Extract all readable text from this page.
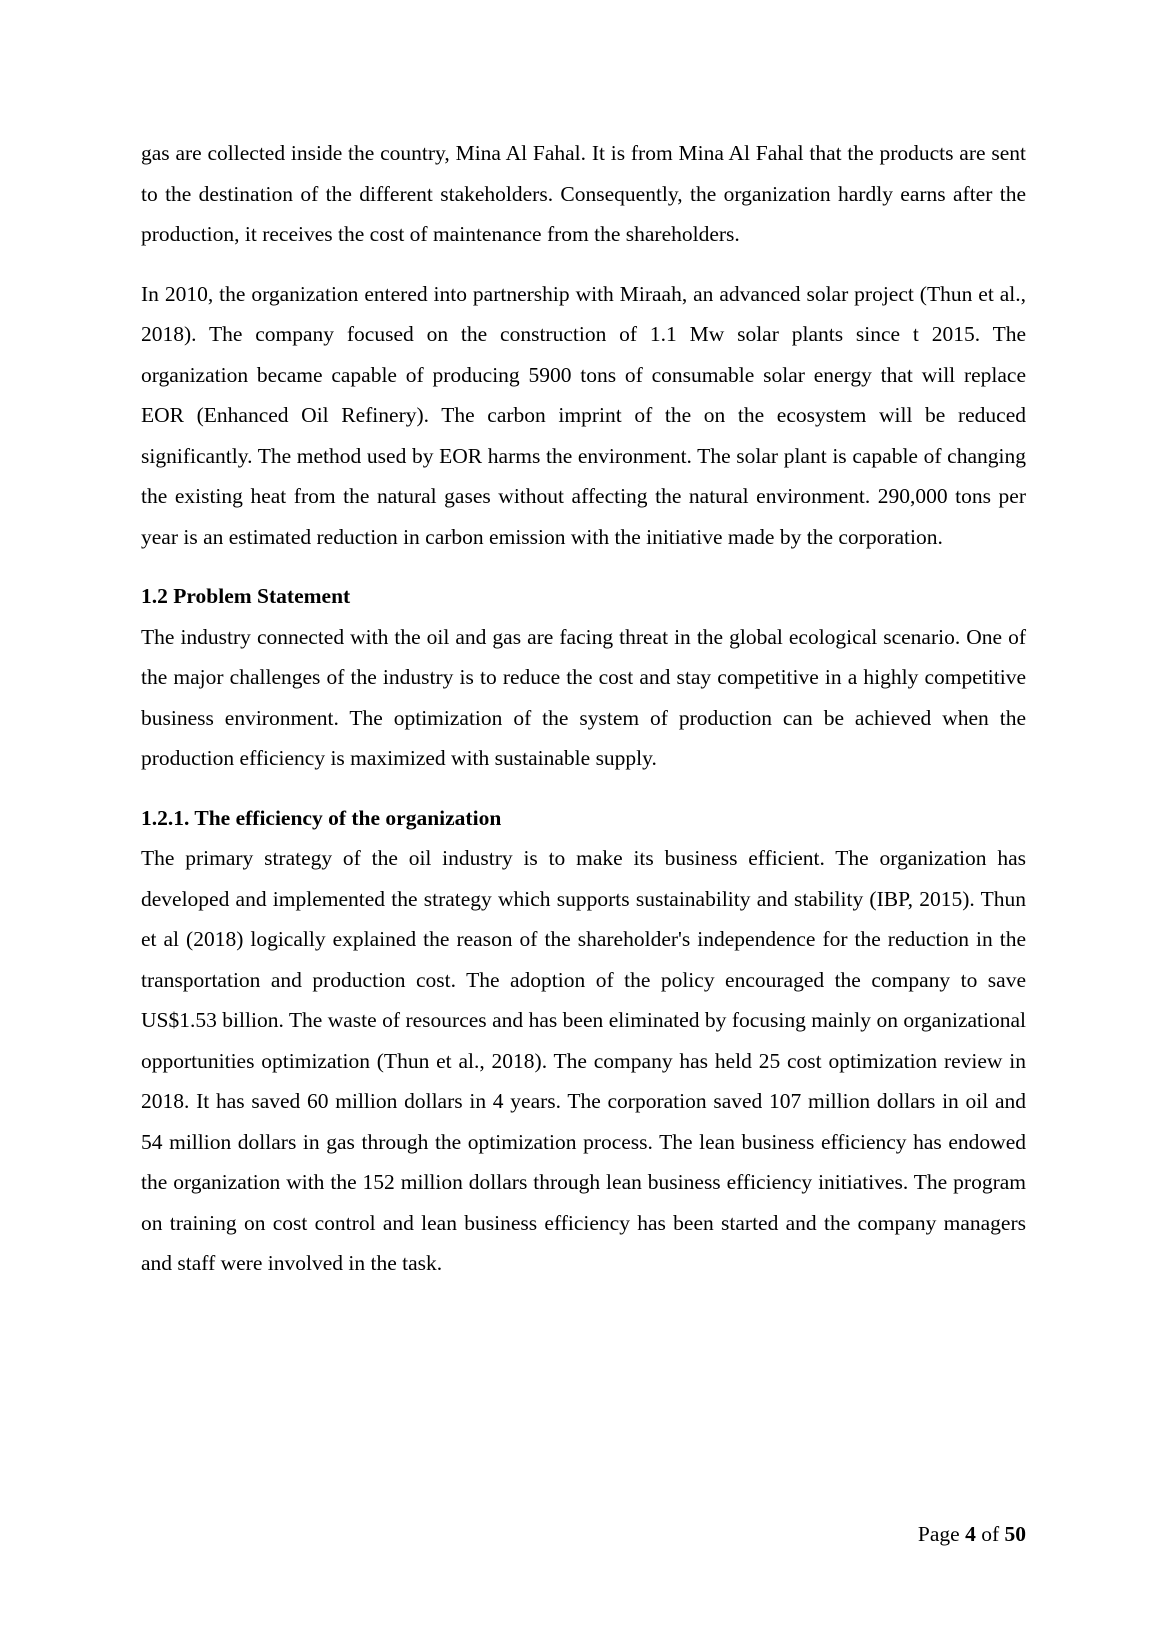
gas are collected inside the country, Mina Al Fahal. It is from Mina Al Fahal that the products are sent to the destination of the different stakeholders. Consequently, the organization hardly earns after the production, it receives the cost of maintenance from the shareholders.

In 2010, the organization entered into partnership with Miraah, an advanced solar project (Thun et al., 2018). The company focused on the construction of 1.1 Mw solar plants since t 2015. The organization became capable of producing 5900 tons of consumable solar energy that will replace EOR (Enhanced Oil Refinery). The carbon imprint of the on the ecosystem will be reduced significantly. The method used by EOR harms the environment. The solar plant is capable of changing the existing heat from the natural gases without affecting the natural environment. 290,000 tons per year is an estimated reduction in carbon emission with the initiative made by the corporation.

1.2 Problem Statement

The industry connected with the oil and gas are facing threat in the global ecological scenario. One of the major challenges of the industry is to reduce the cost and stay competitive in a highly competitive business environment. The optimization of the system of production can be achieved when the production efficiency is maximized with sustainable supply.

1.2.1. The efficiency of the organization

The primary strategy of the oil industry is to make its business efficient. The organization has developed and implemented the strategy which supports sustainability and stability (IBP, 2015). Thun et al (2018) logically explained the reason of the shareholder's independence for the reduction in the transportation and production cost. The adoption of the policy encouraged the company to save US$1.53 billion. The waste of resources and has been eliminated by focusing mainly on organizational opportunities optimization (Thun et al., 2018). The company has held 25 cost optimization review in 2018. It has saved 60 million dollars in 4 years. The corporation saved 107 million dollars in oil and 54 million dollars in gas through the optimization process. The lean business efficiency has endowed the organization with the 152 million dollars through lean business efficiency initiatives. The program on training on cost control and lean business efficiency has been started and the company managers and staff were involved in the task.

Page 4 of 50
